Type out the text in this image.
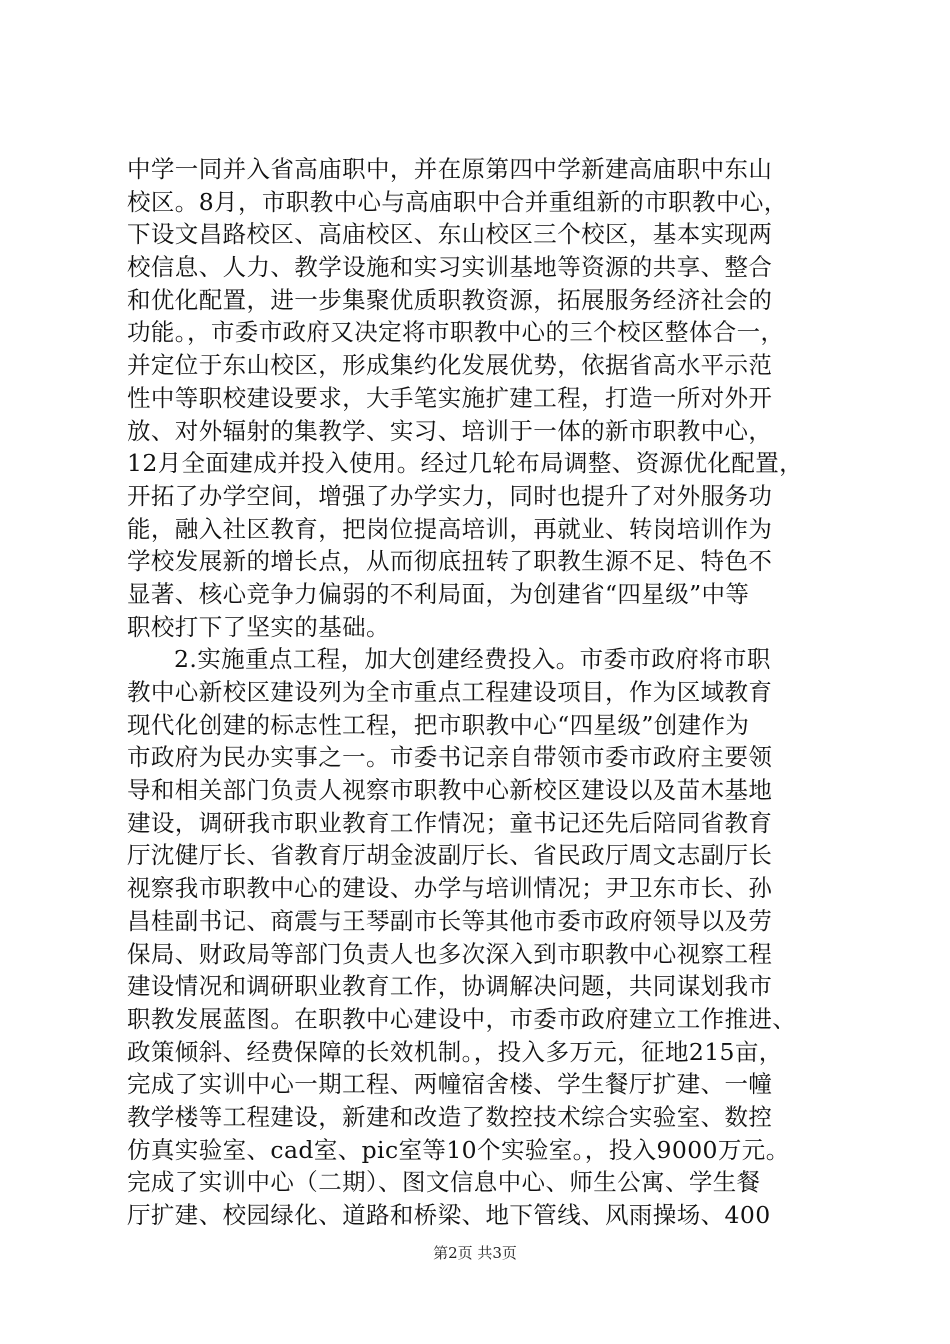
中学一同并入省高庙职中，并在原第四中学新建高庙职中东山
校区。8月，市职教中心与高庙职中合并重组新的市职教中心，
下设文昌路校区、高庙校区、东山校区三个校区，基本实现两
校信息、人力、教学设施和实习实训基地等资源的共享、整合
和优化配置，进一步集聚优质职教资源，拓展服务经济社会的
功能。，市委市政府又决定将市职教中心的三个校区整体合一，
并定位于东山校区，形成集约化发展优势，依据省高水平示范
性中等职校建设要求，大手笔实施扩建工程，打造一所对外开
放、对外辐射的集教学、实习、培训于一体的新市职教中心，
12月全面建成并投入使用。经过几轮布局调整、资源优化配置，
开拓了办学空间，增强了办学实力，同时也提升了对外服务功
能，融入社区教育，把岗位提高培训，再就业、转岗培训作为
学校发展新的增长点，从而彻底扭转了职教生源不足、特色不
显著、核心竞争力偏弱的不利局面，为创建省“四星级”中等
职校打下了坚实的基础。
2.实施重点工程，加大创建经费投入。市委市政府将市职
教中心新校区建设列为全市重点工程建设项目，作为区域教育
现代化创建的标志性工程，把市职教中心“四星级”创建作为
市政府为民办实事之一。市委书记亲自带领市委市政府主要领
导和相关部门负责人视察市职教中心新校区建设以及苗木基地
建设，调研我市职业教育工作情况；童书记还先后陪同省教育
厅沈健厅长、省教育厅胡金波副厅长、省民政厅周文志副厅长
视察我市职教中心的建设、办学与培训情况；尹卫东市长、孙
昌桂副书记、商震与王琴副市长等其他市委市政府领导以及劳
保局、财政局等部门负责人也多次深入到市职教中心视察工程
建设情况和调研职业教育工作，协调解决问题，共同谋划我市
职教发展蓝图。在职教中心建设中，市委市政府建立工作推进、
政策倾斜、经费保障的长效机制。，投入多万元，征地215亩，
完成了实训中心一期工程、两幢宿舍楼、学生餐厅扩建、一幢
教学楼等工程建设，新建和改造了数控技术综合实验室、数控
仿真实验室、cad室、pic室等10个实验室。，投入9000万元。
完成了实训中心（二期）、图文信息中心、师生公寓、学生餐
厅扩建、校园绿化、道路和桥梁、地下管线、风雨操场、400
第2页 共3页
